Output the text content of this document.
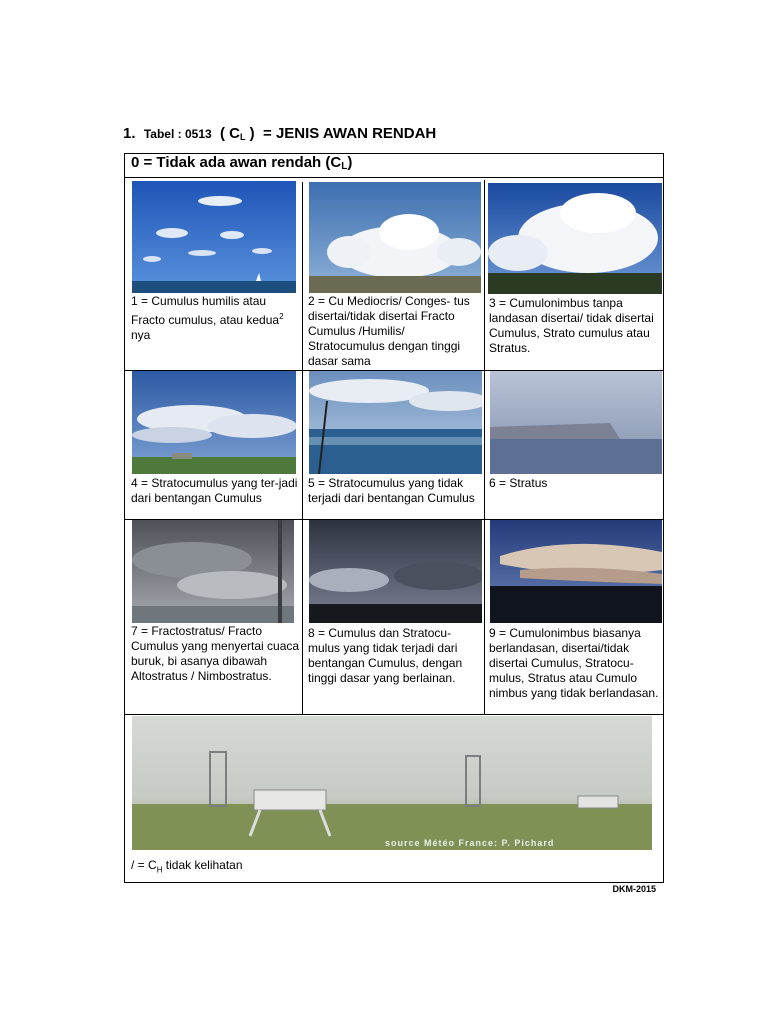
1. Tabel : 0513 ( $C_L$ ) = JENIS AWAN RENDAH
0 = Tidak ada awan rendah $(C_L)$
1 = Cumulus humilis atau Fracto cumulus, atau kedua$^2$ nya
2 = Cu Mediocris/ Conges- tus disertai/tidak disertai Fracto Cumulus /Humilis/ Stratocumulus dengan tinggi dasar sama
3 = Cumulonimbus tanpa landasan disertai/ tidak disertai Cumulus, Strato cumulus atau Stratus.
4 = Stratocumulus yang ter-jadi dari bentangan Cumulus
5 = Stratocumulus yang tidak terjadi dari bentangan Cumulus
6 = Stratus
7 = Fractostratus/ Fracto Cumulus yang menyertai cuaca buruk, bi asanya dibawah Altostratus / Nimbostratus.
8 = Cumulus dan Stratocu- mulus yang tidak terjadi dari bentangan Cumulus, dengan tinggi dasar yang berlainan.
9 = Cumulonimbus biasanya berlandasan, disertai/tidak disertai Cumulus, Stratocu- mulus, Stratus atau Cumulo nimbus yang tidak berlandasan.
source Météo France: P. Pichard
/ = $C_H$ tidak kelihatan
DKM-2015
